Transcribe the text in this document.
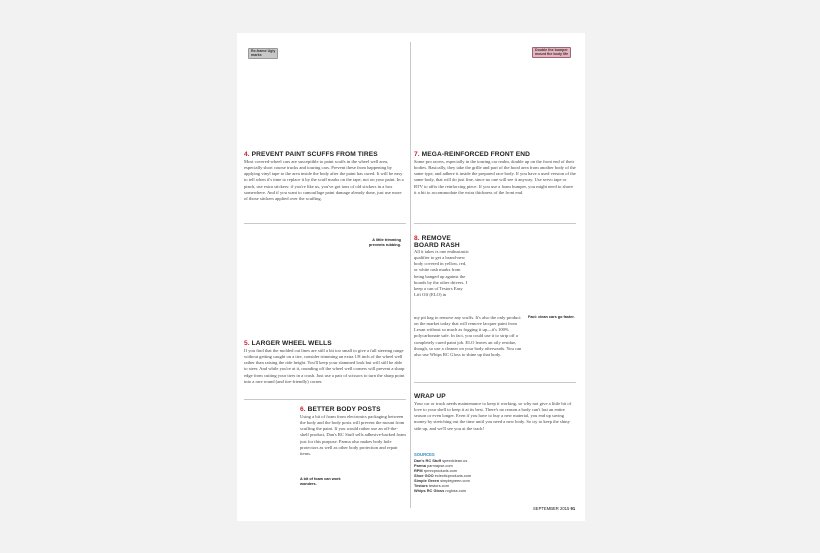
Re-frame Ugly
marks
Double the bumper
mount the body life
4. PREVENT PAINT SCUFFS FROM TIRES
Most covered-wheel cars are susceptible to paint scuffs in the wheel well area, especially short course trucks and touring cars. Prevent these from happening by applying vinyl tape to the area inside the body after the paint has cured. It will be easy to tell when it's time to replace it by the scuff marks on the tape, not on your paint. In a pinch, use extra stickers: if you're like us, you've got tons of old stickers in a box somewhere. And if you want to camouflage paint damage already done, just use more of those stickers applied over the scuffing.
A little trimming
prevents rubbing.
7. MEGA-REINFORCED FRONT END
Some pro racers, especially in the touring car realm, double up on the front end of their bodies. Basically, they take the grille and part of the hood area from another body of the same type, and adhere it inside the prepared race body. If you have a used version of the same body, that will do just fine, since no one will see it anyway. Use servo tape or RTV to affix the reinforcing piece. If you use a foam bumper, you might need to shave it a bit to accommodate the extra thickness of the front end.
8. REMOVE
BOARD RASH
All it takes is one enthusiastic qualifier to get a brand-new body covered in yellow, red, or white rash marks from being banged up against the boards by the other drivers. I keep a can of Testors Easy Lift Off (ELO) in
my pit bag to remove any scuffs. It's also the only product on the market today that will remove lacquer paint from Lexan without so much as fogging it up—it's 100% polycarbonate safe. In fact, you could use it to strip off a completely cured paint job. ELO leaves an oily residue, though, so use a cleaner on your body afterwards. You can also use Whips RC Gloss to shine up that body.
Fact: clean cars go faster.
5. LARGER WHEEL WELLS
If you find that the molded cut lines are still a bit too small to give a full steering range without getting caught on a tire, consider trimming an extra 1/8 inch of the wheel well rather than raising the ride height. You'll keep your slammed look but will still be able to steer. And while you're at it, rounding off the wheel well corners will prevent a sharp edge from cutting your tires in a crash. Just use a pair of scissors to turn the sharp point into a rare round (and tire-friendly) corner.
6. BETTER BODY POSTS
Using a bit of foam from electronics packaging between the body and the body posts will prevent the mount from scuffing the paint. If you would rather use an off-the-shelf product, Dan's RC Stuff sells adhesive-backed foam just for this purpose. Parma also makes body hole protectors as well as other body protection and repair items.
A bit of foam can work
wonders.
WRAP UP
Your car or truck needs maintenance to keep it working, so why not give a little bit of love to your shell to keep it at its best. There's no reason a body can't last an entire season or even longer. Even if you have to buy a new material, you end up saving money by stretching out the time until you need a new body. So try to keep the shiny side up, and we'll see you at the track!
SOURCES
Dan's RC Stuff speedclean.us
Parma parmapse.com
RPM rpmrcproducts.com
Shoe GOO eclecticproducts.com
Simple Green simplegreen.com
Testors testors.com
Whips RC Gloss rcgloss.com
SEPTEMBER 2015 91
